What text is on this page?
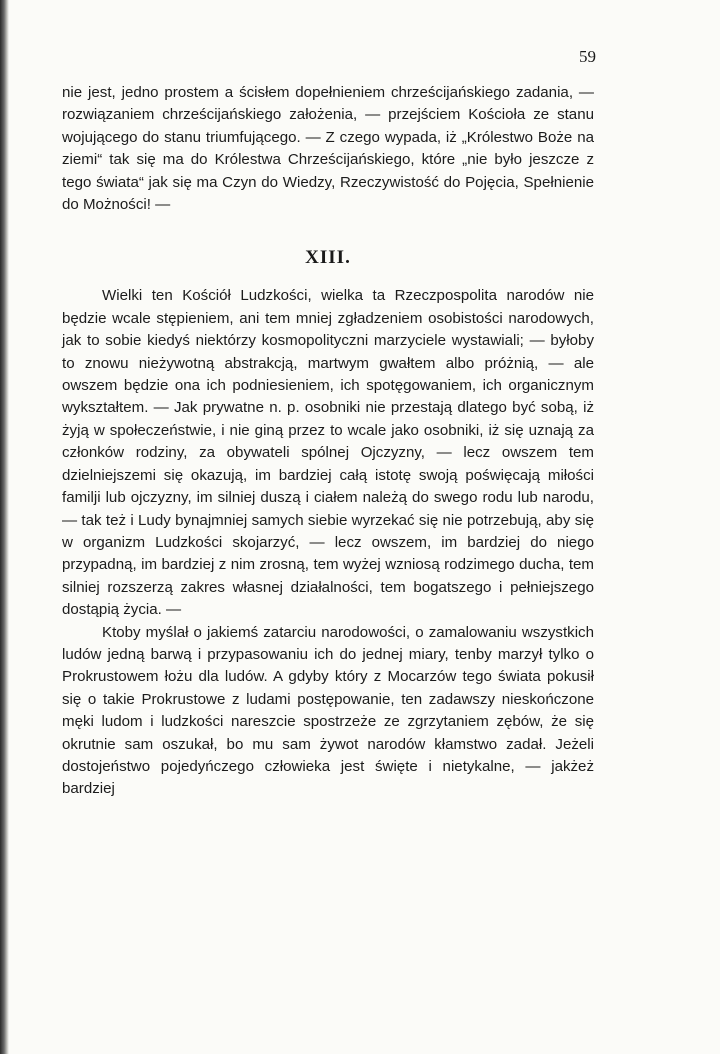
59

nie jest, jedno prostem a ścisłem dopełnieniem chrześcijańskiego zadania, — rozwiązaniem chrześcijańskiego założenia, — przejściem Kościoła ze stanu wojującego do stanu triumfującego. — Z czego wypada, iż „Królestwo Boże na ziemi“ tak się ma do Królestwa Chrześcijańskiego, które „nie było jeszcze z tego świata“ jak się ma Czyn do Wiedzy, Rzeczywistość do Pojęcia, Spełnienie do Możności! —

XIII.

Wielki ten Kościół Ludzkości, wielka ta Rzeczpospolita narodów nie będzie wcale stępieniem, ani tem mniej zgładzeniem osobistości narodowych, jak to sobie kiedyś niektórzy kosmopolityczni marzyciele wystawiali; — byłoby to znowu nieżywotną abstrakcją, martwym gwałtem albo próżnią, — ale owszem będzie ona ich podniesieniem, ich spotęgowaniem, ich organicznym wykształtem. — Jak prywatne n. p. osobniki nie przestają dlatego być sobą, iż żyją w społeczeństwie, i nie giną przez to wcale jako osobniki, iż się uznają za członków rodziny, za obywateli spólnej Ojczyzny, — lecz owszem tem dzielniejszemi się okazują, im bardziej całą istotę swoją poświęcają miłości familji lub ojczyzny, im silniej duszą i ciałem należą do swego rodu lub narodu, — tak też i Ludy bynajmniej samych siebie wyrzekać się nie potrzebują, aby się w organizm Ludzkości skojarzyć, — lecz owszem, im bardziej do niego przypadną, im bardziej z nim zrosną, tem wyżej wzniosą rodzimego ducha, tem silniej rozszerzą zakres własnej działalności, tem bogatszego i pełniejszego dostąpią życia. —

Ktoby myślał o jakiemś zatarciu narodowości, o zamalowaniu wszystkich ludów jedną barwą i przypasowaniu ich do jednej miary, tenby marzył tylko o Prokrustowem łożu dla ludów. A gdyby który z Mocarzów tego świata pokusił się o takie Prokrustowe z ludami postępowanie, ten zadawszy nieskończone męki ludom i ludzkości nareszcie spostrzeże ze zgrzytaniem zębów, że się okrutnie sam oszukał, bo mu sam żywot narodów kłamstwo zadał. Jeżeli dostojeństwo pojedyńczego człowieka jest święte i nietykalne, — jakżeż bardziej
